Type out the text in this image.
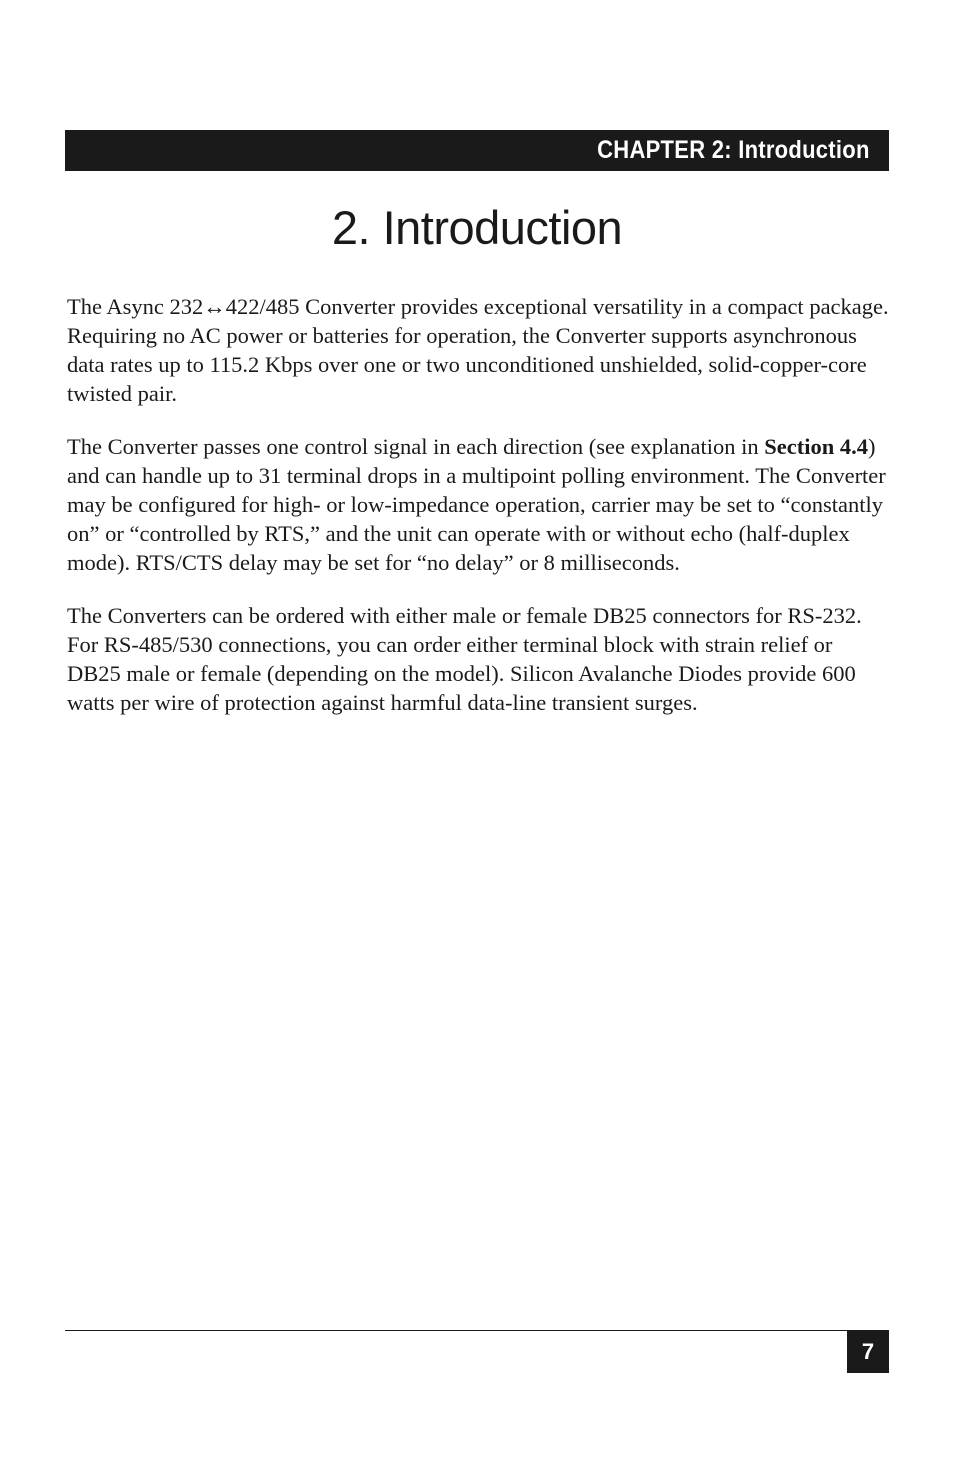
CHAPTER 2: Introduction
2. Introduction

The Async 232↔422/485 Converter provides exceptional versatility in a compact package. Requiring no AC power or batteries for operation, the Converter supports asynchronous data rates up to 115.2 Kbps over one or two unconditioned unshielded, solid-copper-core twisted pair.

The Converter passes one control signal in each direction (see explanation in Section 4.4) and can handle up to 31 terminal drops in a multipoint polling environment. The Converter may be configured for high- or low-impedance operation, carrier may be set to “constantly on” or “controlled by RTS,” and the unit can operate with or without echo (half-duplex mode). RTS/CTS delay may be set for “no delay” or 8 milliseconds.

The Converters can be ordered with either male or female DB25 connectors for RS-232. For RS-485/530 connections, you can order either terminal block with strain relief or DB25 male or female (depending on the model). Silicon Avalanche Diodes provide 600 watts per wire of protection against harmful data-line transient surges.

7
